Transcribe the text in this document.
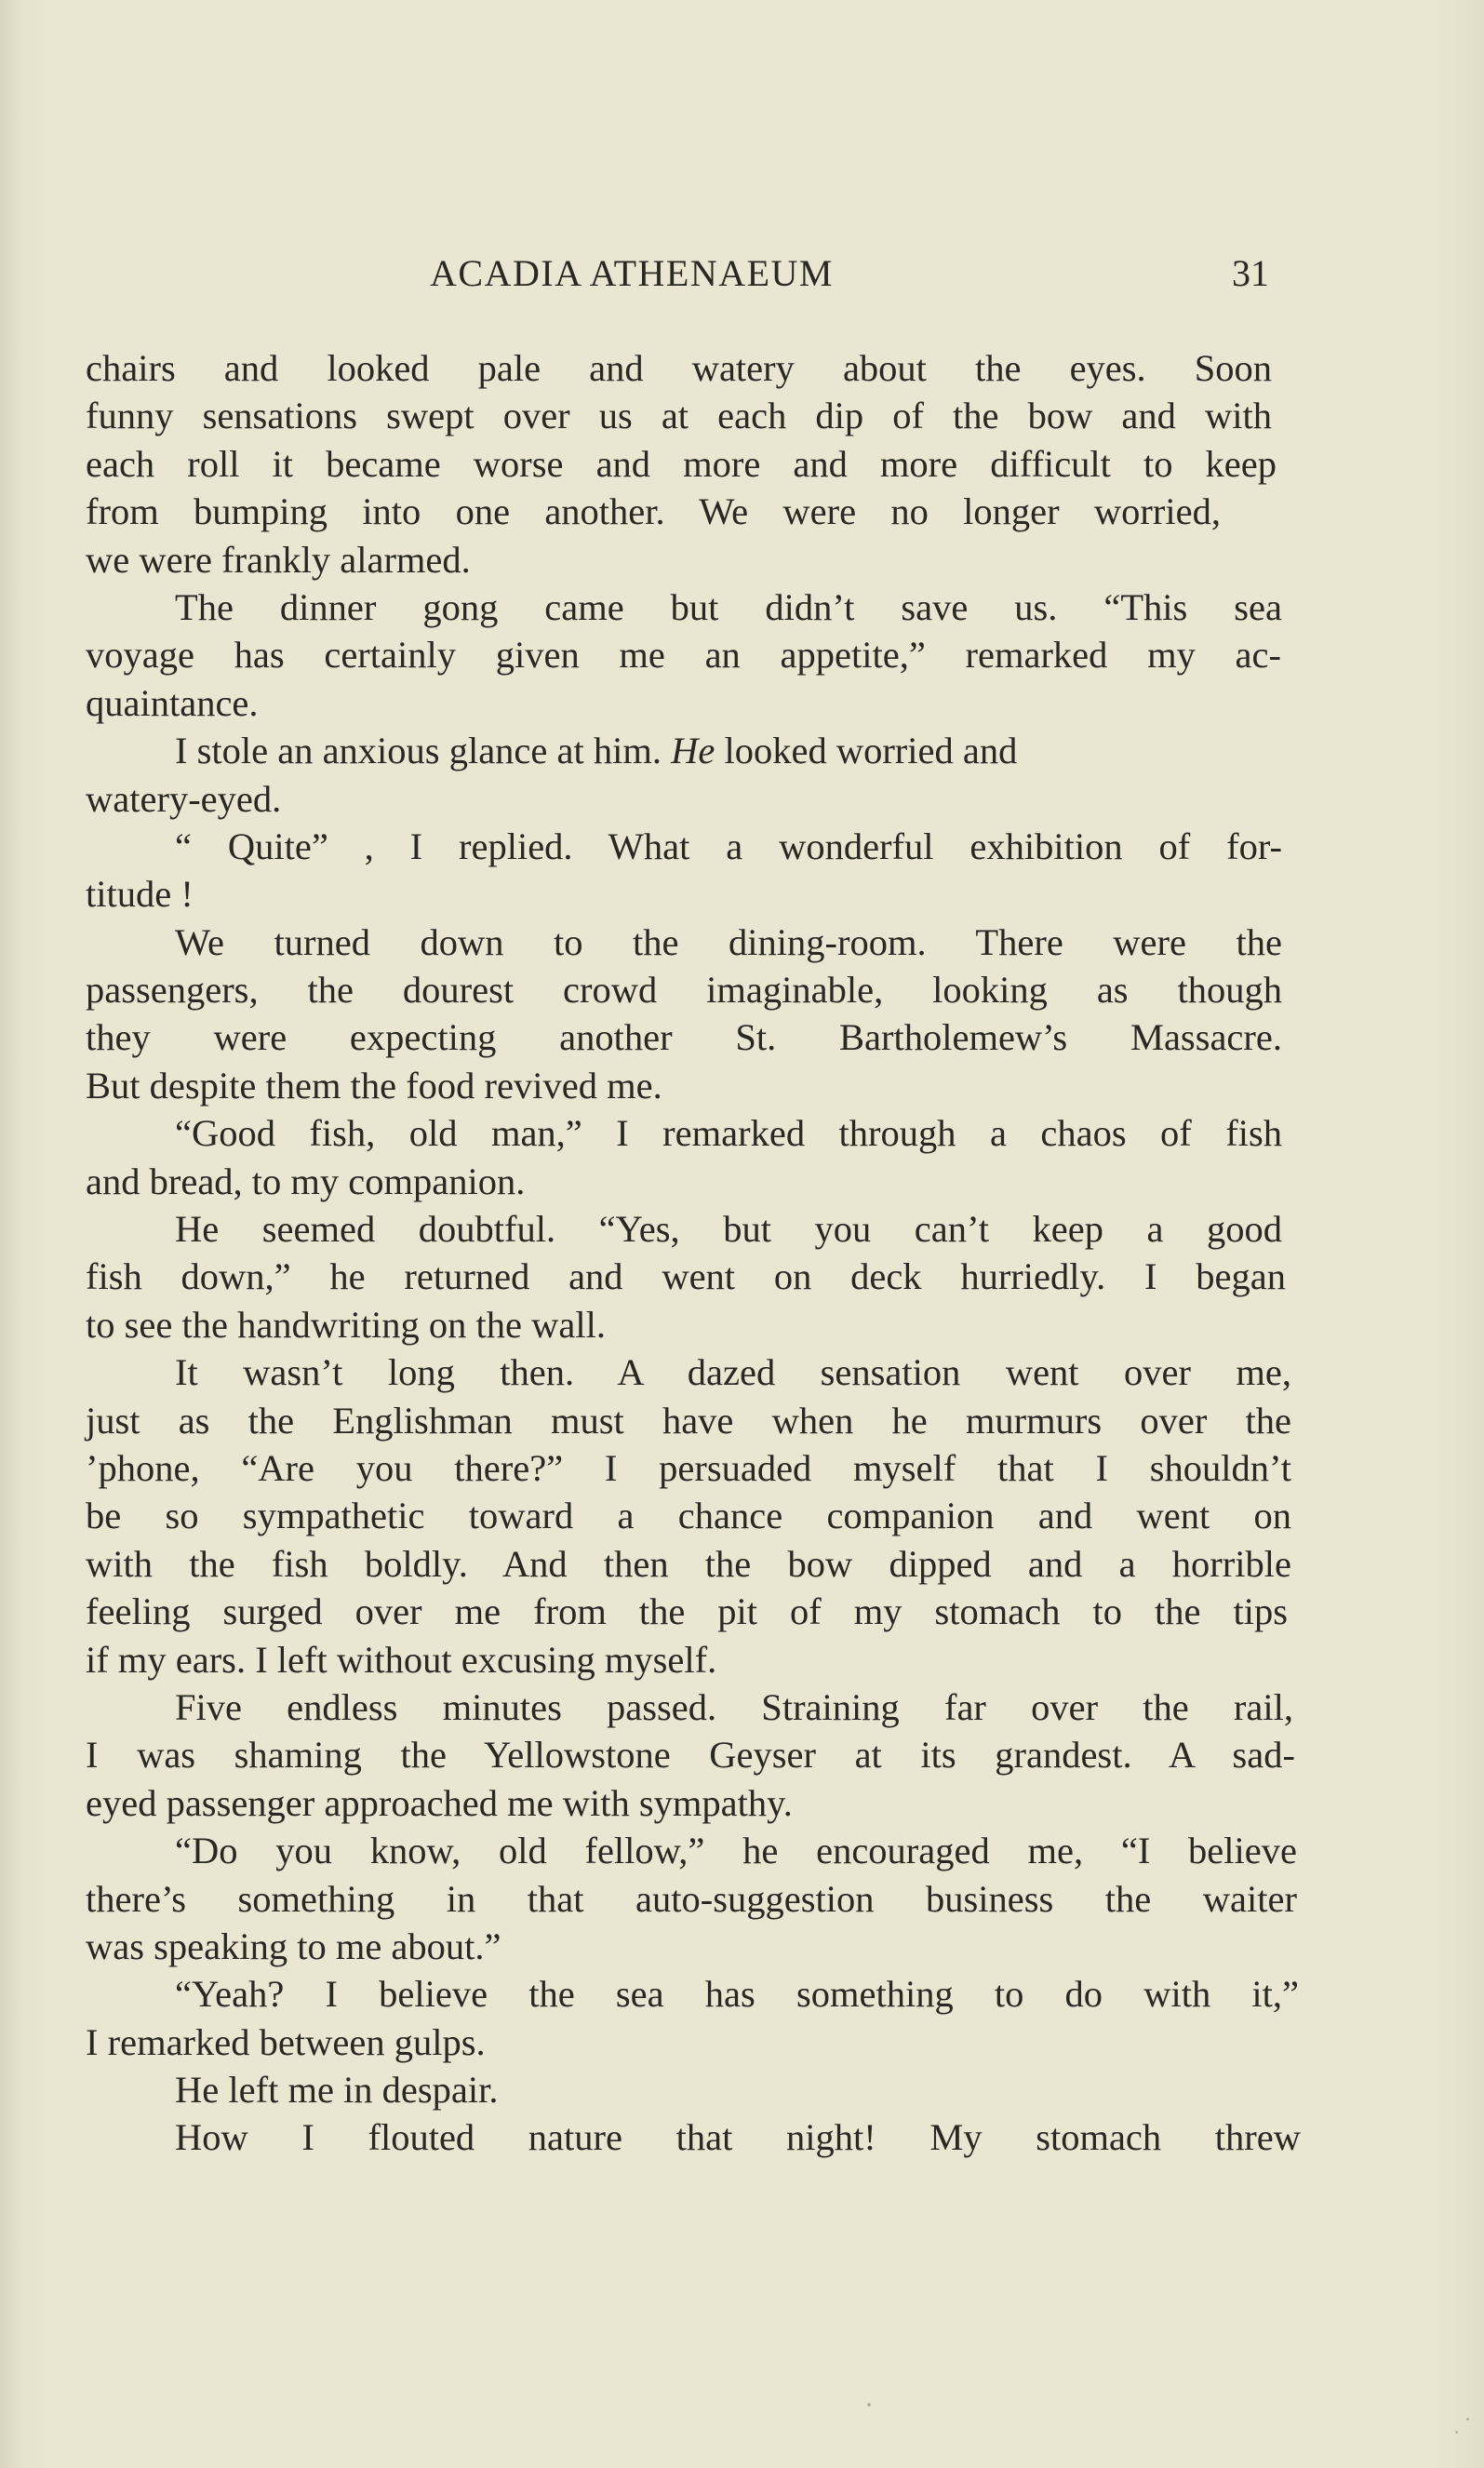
ACADIA ATHENAEUM	31
chairs and looked pale and watery about the eyes. Soon
funny sensations swept over us at each dip of the bow and with
each roll it became worse and more and more difficult to keep
from bumping into one another. We were no longer worried,
we were frankly alarmed.
The dinner gong came but didn’t save us. “This sea
voyage has certainly given me an appetite,” remarked my ac-
quaintance.
I stole an anxious glance at him. He looked worried and
watery-eyed.
“ Quite” , I replied. What a wonderful exhibition of for-
titude !
We turned down to the dining-room. There were the
passengers, the dourest crowd imaginable, looking as though
they were expecting another St. Bartholemew’s Massacre.
But despite them the food revived me.
“Good fish, old man,” I remarked through a chaos of fish
and bread, to my companion.
He seemed doubtful. “Yes, but you can’t keep a good
fish down,” he returned and went on deck hurriedly. I began
to see the handwriting on the wall.
It wasn’t long then. A dazed sensation went over me,
just as the Englishman must have when he murmurs over the
’phone, “Are you there?” I persuaded myself that I shouldn’t
be so sympathetic toward a chance companion and went on
with the fish boldly. And then the bow dipped and a horrible
feeling surged over me from the pit of my stomach to the tips
if my ears. I left without excusing myself.
Five endless minutes passed. Straining far over the rail,
I was shaming the Yellowstone Geyser at its grandest. A sad-
eyed passenger approached me with sympathy.
“Do you know, old fellow,” he encouraged me, “I believe
there’s something in that auto-suggestion business the waiter
was speaking to me about.”
“Yeah? I believe the sea has something to do with it,”
I remarked between gulps.
He left me in despair.
How I flouted nature that night! My stomach threw
